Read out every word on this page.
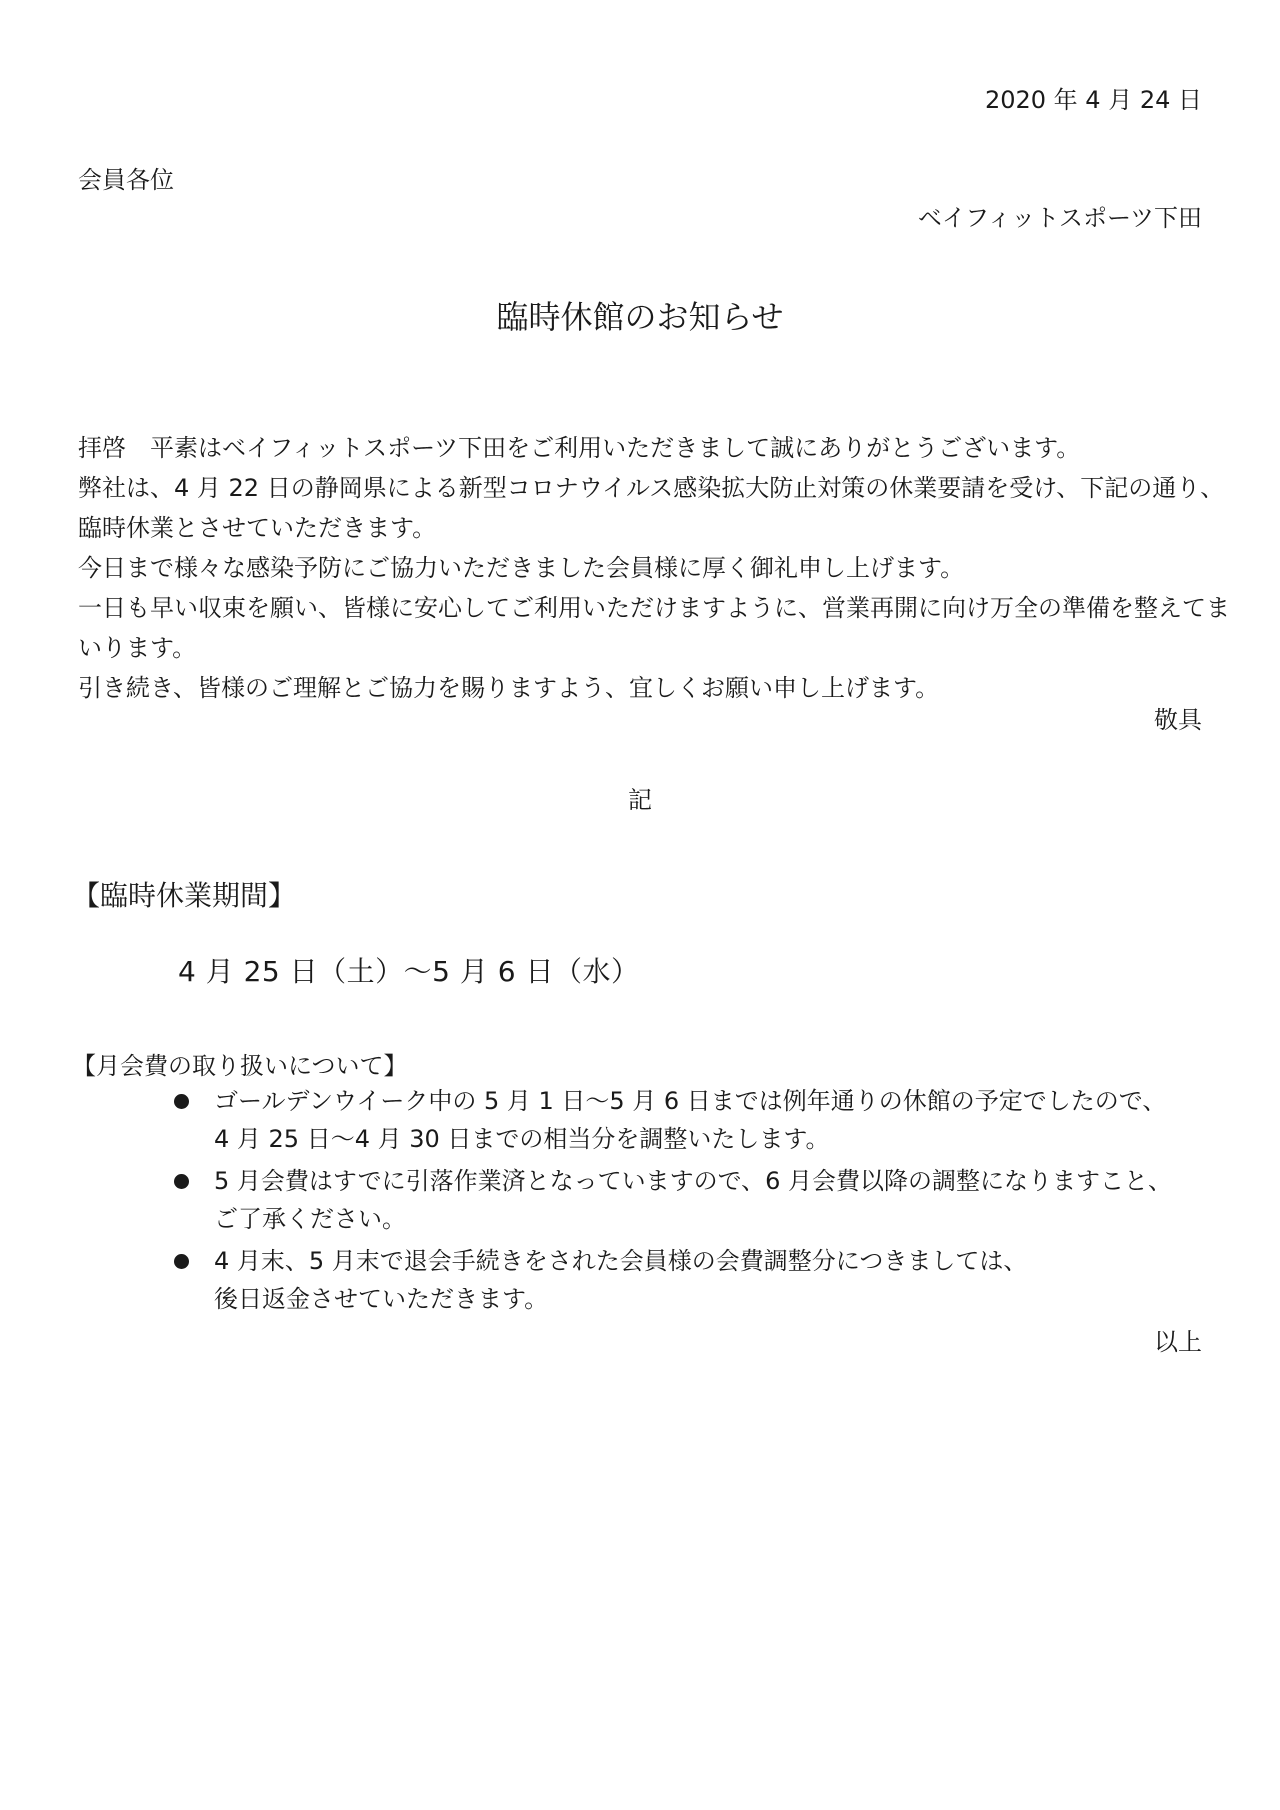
2020 年 4 月 24 日
会員各位
ベイフィットスポーツ下田
臨時休館のお知らせ

拝啓　平素はベイフィットスポーツ下田をご利用いただきまして誠にありがとうございます。

弊社は、4 月 22 日の静岡県による新型コロナウイルス感染拡大防止対策の休業要請を受け、下記の通り、

臨時休業とさせていただきます。

今日まで様々な感染予防にご協力いただきました会員様に厚く御礼申し上げます。

一日も早い収束を願い、皆様に安心してご利用いただけますように、営業再開に向け万全の準備を整えてま

いります。

引き続き、皆様のご理解とご協力を賜りますよう、宜しくお願い申し上げます。

敬具
記
【臨時休業期間】
4 月 25 日（土）～5 月 6 日（水）
【月会費の取り扱いについて】
ゴールデンウイーク中の 5 月 1 日～5 月 6 日までは例年通りの休館の予定でしたので、
4 月 25 日～4 月 30 日までの相当分を調整いたします。
5 月会費はすでに引落作業済となっていますので、6 月会費以降の調整になりますこと、
ご了承ください。
4 月末、5 月末で退会手続きをされた会員様の会費調整分につきましては、
後日返金させていただきます。
以上
